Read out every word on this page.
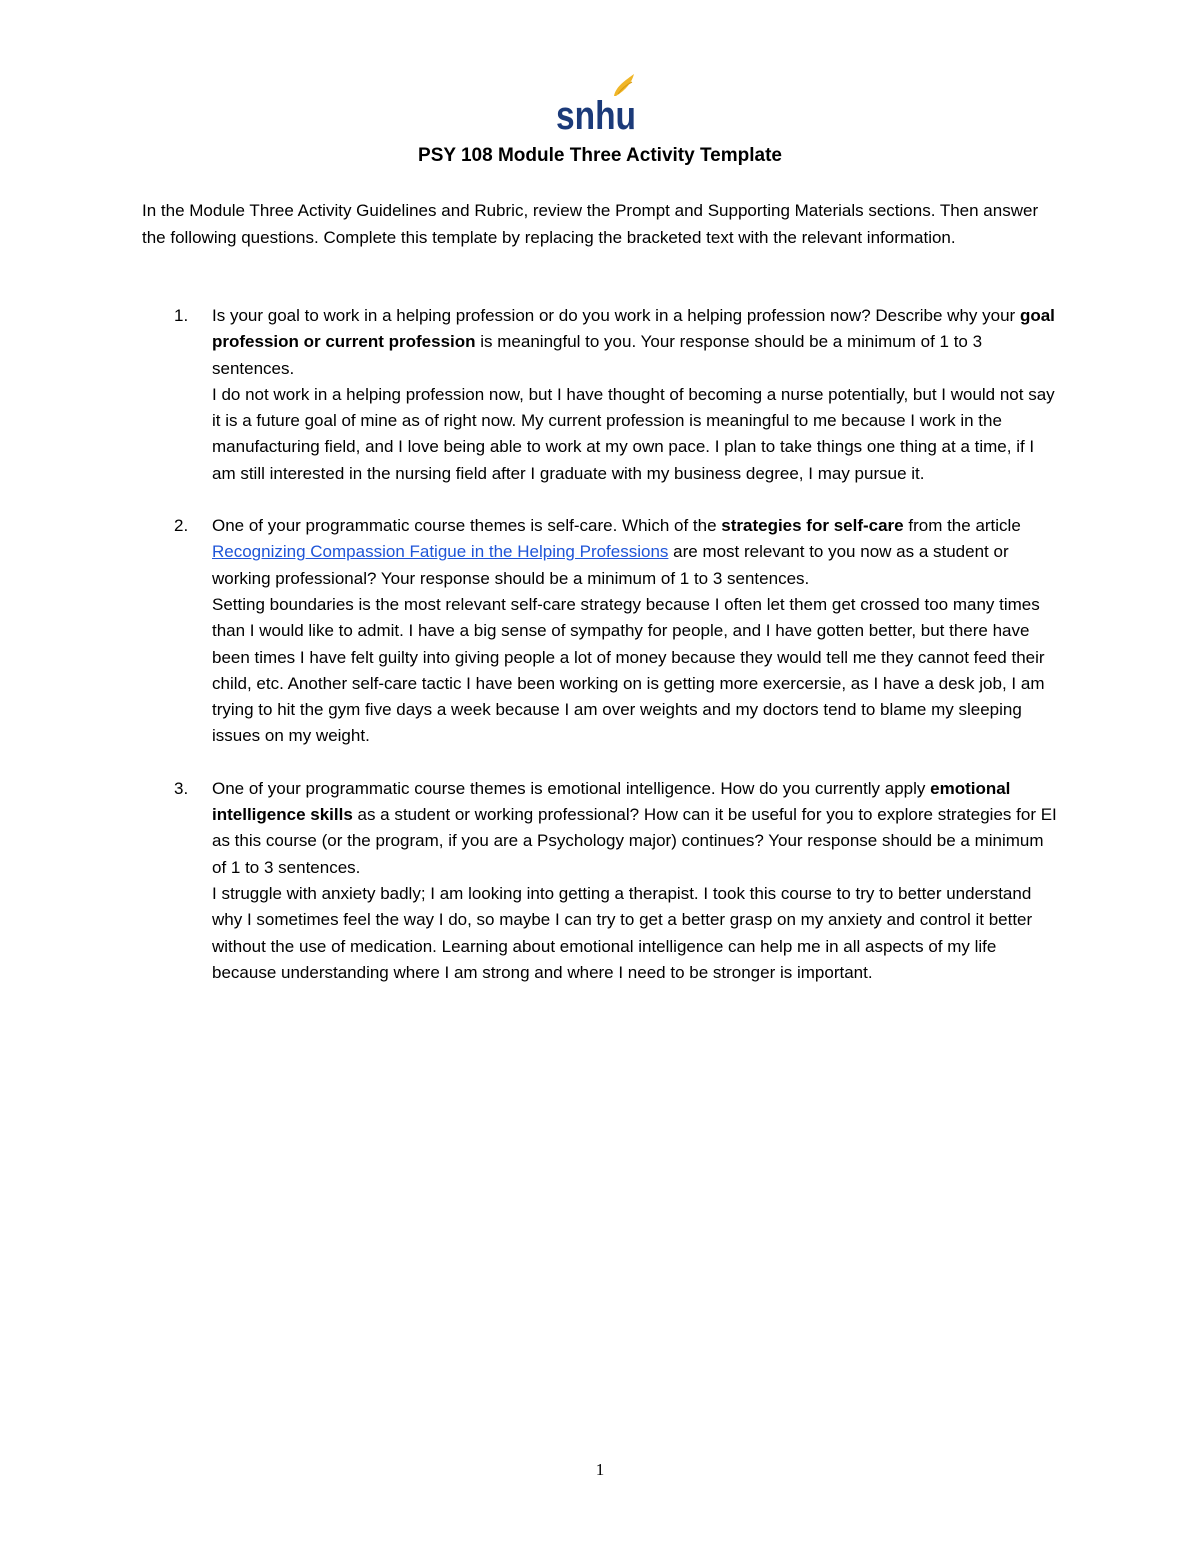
snhu
PSY 108 Module Three Activity Template
In the Module Three Activity Guidelines and Rubric, review the Prompt and Supporting Materials sections. Then answer the following questions. Complete this template by replacing the bracketed text with the relevant information.
1. Is your goal to work in a helping profession or do you work in a helping profession now? Describe why your goal profession or current profession is meaningful to you. Your response should be a minimum of 1 to 3 sentences.

I do not work in a helping profession now, but I have thought of becoming a nurse potentially, but I would not say it is a future goal of mine as of right now. My current profession is meaningful to me because I work in the manufacturing field, and I love being able to work at my own pace. I plan to take things one thing at a time, if I am still interested in the nursing field after I graduate with my business degree, I may pursue it.

2. One of your programmatic course themes is self-care. Which of the strategies for self-care from the article Recognizing Compassion Fatigue in the Helping Professions are most relevant to you now as a student or working professional? Your response should be a minimum of 1 to 3 sentences.

Setting boundaries is the most relevant self-care strategy because I often let them get crossed too many times than I would like to admit. I have a big sense of sympathy for people, and I have gotten better, but there have been times I have felt guilty into giving people a lot of money because they would tell me they cannot feed their child, etc. Another self-care tactic I have been working on is getting more exercersie, as I have a desk job, I am trying to hit the gym five days a week because I am over weights and my doctors tend to blame my sleeping issues on my weight.

3. One of your programmatic course themes is emotional intelligence. How do you currently apply emotional intelligence skills as a student or working professional? How can it be useful for you to explore strategies for EI as this course (or the program, if you are a Psychology major) continues? Your response should be a minimum of 1 to 3 sentences.

I struggle with anxiety badly; I am looking into getting a therapist. I took this course to try to better understand why I sometimes feel the way I do, so maybe I can try to get a better grasp on my anxiety and control it better without the use of medication. Learning about emotional intelligence can help me in all aspects of my life because understanding where I am strong and where I need to be stronger is important.

1
